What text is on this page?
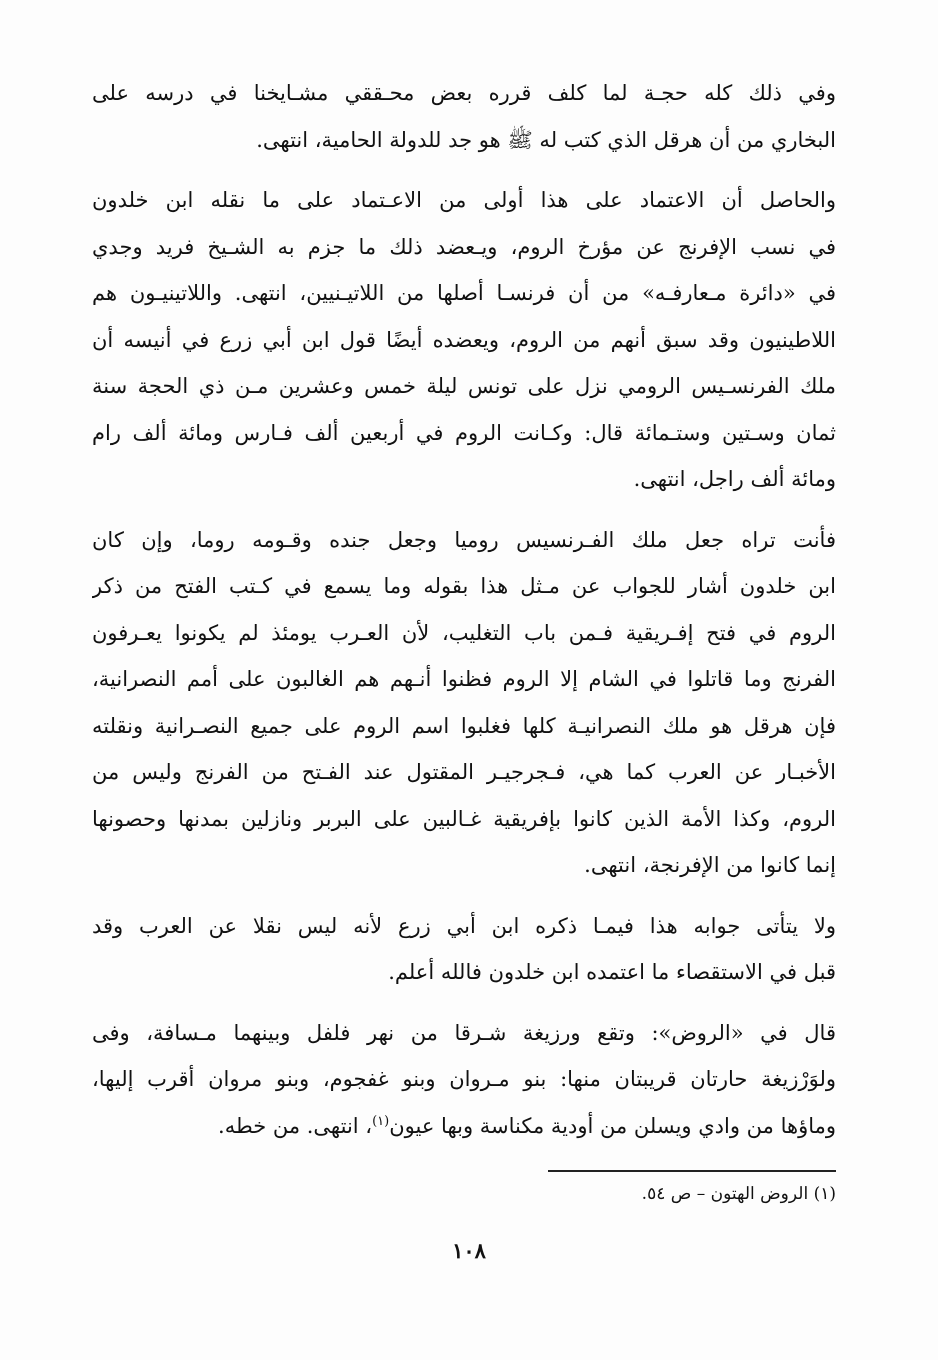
وفي ذلك كله حجـة لما كلف قرره بعض محـققي مشـايخنا في درسه على
البخاري من أن هرقل الذي كتب له ﷺ هو جد للدولة الحامية، انتهى.

والحاصل أن الاعتماد على هذا أولى من الاعـتماد على ما نقله ابن خلدون
في نسب الإفرنج عن مؤرخ الروم، ويـعضد ذلك ما جزم به الشـيخ فريد وجدي
في «دائرة مـعارفـه» من أن فرنسـا أصلها من اللاتيـنيين، انتهى. واللاتينيـون هم
اللاطينيون وقد سبق أنهم من الروم، ويعضده أيضًا قول ابن أبي زرع في أنيسه أن
ملك الفرنسـيس الرومي نزل على تونس ليلة خمس وعشرين مـن ذي الحجة سنة
ثمان وسـتين وستـمائة قال: وكـانت الروم في أربعين ألف فـارس ومائة ألف رام
ومائة ألف راجل، انتهى.

فأنت تراه جعل ملك الفـرنسيس روميا وجعل جنده وقـومه روما، وإن كان
ابن خلدون أشار للجواب عن مـثل هذا بقوله وما يسمع في كـتب الفتح من ذكر
الروم في فتح إفـريقية فـمن باب التغليب، لأن العـرب يومئذ لم يكونوا يعـرفون
الفرنج وما قاتلوا في الشام إلا الروم فظنوا أنـهم هم الغالبون على أمم النصرانية،
فإن هرقل هو ملك النصرانيـة كلها فغلبوا اسم الروم على جميع النصـرانية ونقلته
الأخبـار عن العرب كما هي، فـجرجيـر المقتول عند الفـتح من الفرنج وليس من
الروم، وكذا الأمة الذين كانوا بإفريقية غـالبين على البربر ونازلين بمدنها وحصونها
إنما كانوا من الإفرنجة، انتهى.

ولا يتأتى جوابه هذا فيمـا ذكره ابن أبي زرع لأنه ليس نقلا عن العرب وقد
قبل في الاستقصاء ما اعتمده ابن خلدون فالله أعلم.

قال في «الروض»: وتقع ورزيغة شـرقا من نهر فلفل وبينهما مـسافة، وفى
ولوَرْزيغة حارتان قريبتان منها: بنو مـروان وبنو غفجوم، وبنو مروان أقرب إليها،
وماؤها من وادي ويسلن من أودية مكناسة وبها عيون$^{(١)}$، انتهى. من خطه.

(١) الروض الهتون – ص ٥٤.
١٠٨
